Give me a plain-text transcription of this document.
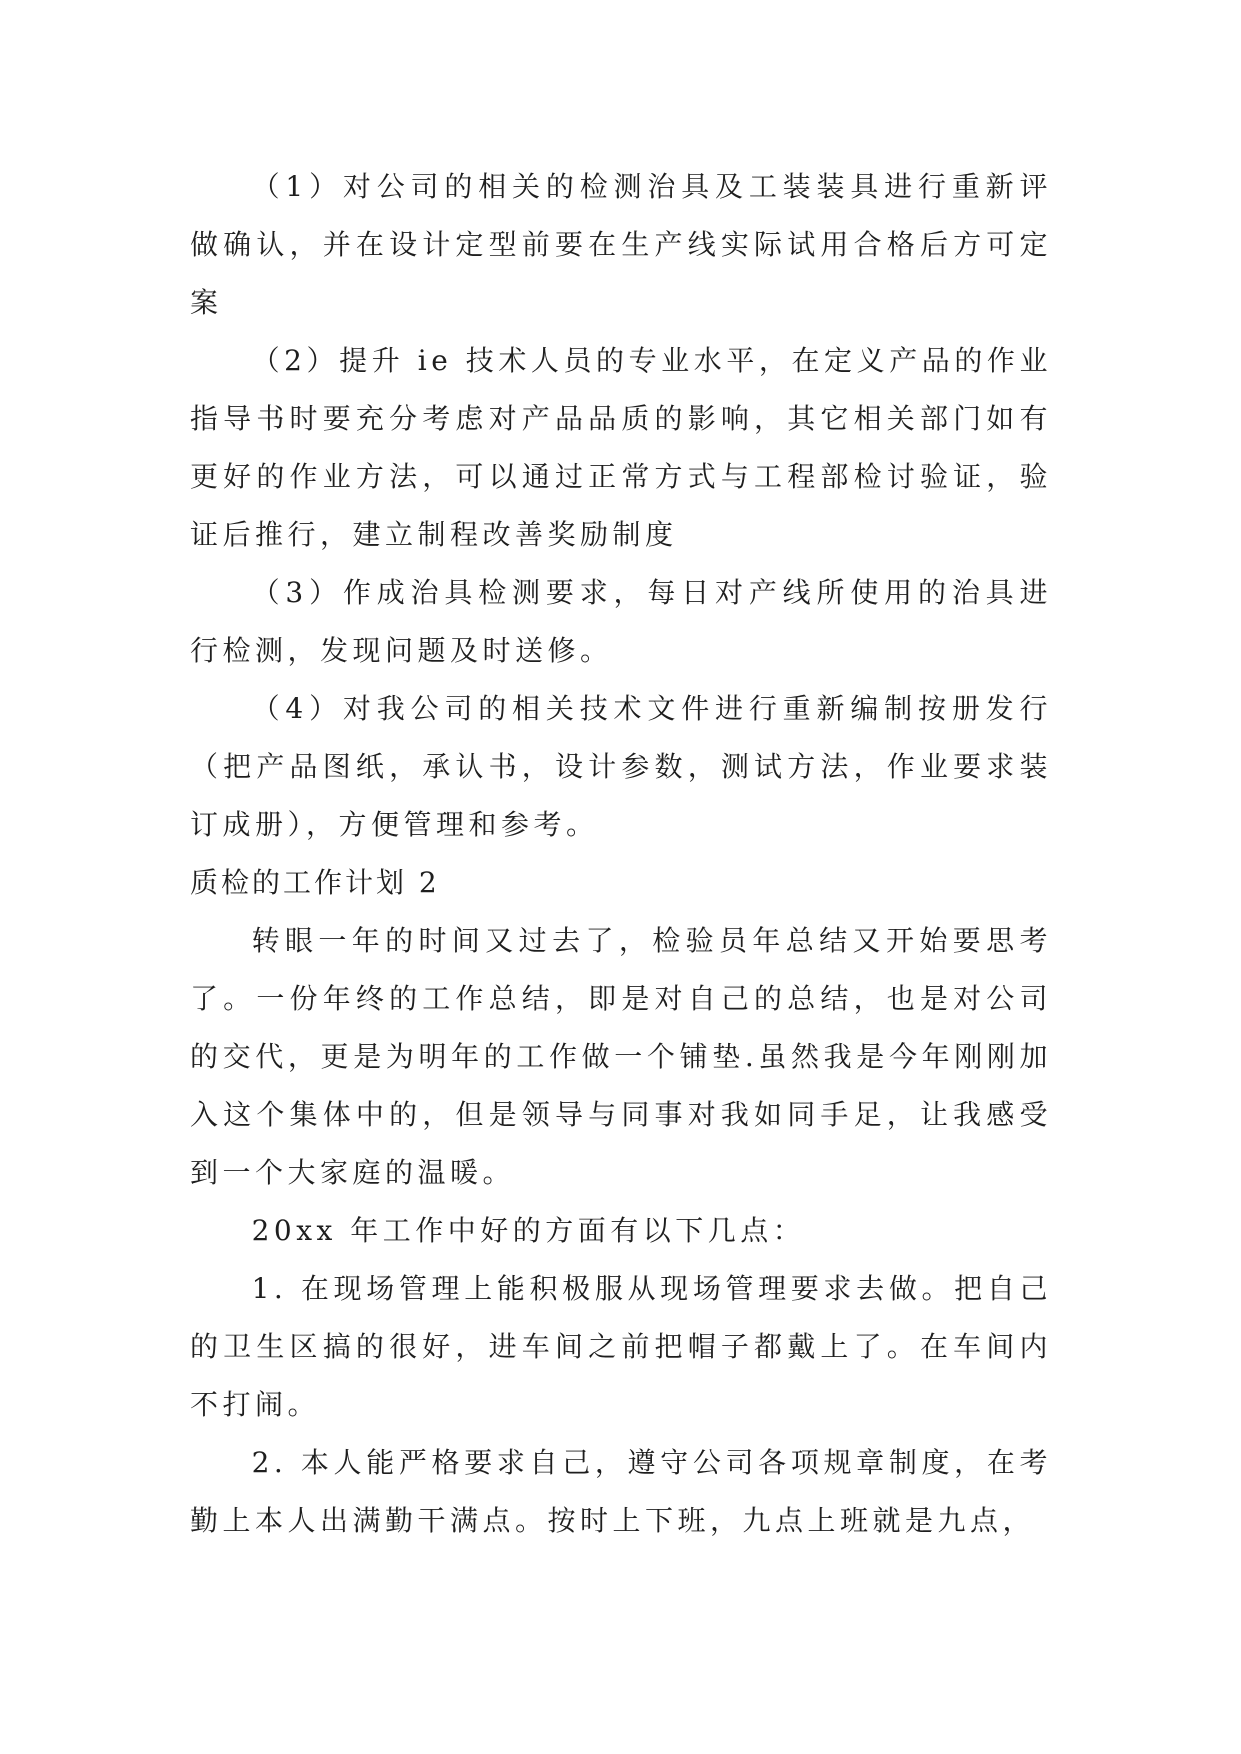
（1）对公司的相关的检测治具及工装装具进行重新评做确认，并在设计定型前要在生产线实际试用合格后方可定案

（2）提升 ie 技术人员的专业水平，在定义产品的作业指导书时要充分考虑对产品品质的影响，其它相关部门如有更好的作业方法，可以通过正常方式与工程部检讨验证，验证后推行，建立制程改善奖励制度

（3）作成治具检测要求，每日对产线所使用的治具进行检测，发现问题及时送修。

（4）对我公司的相关技术文件进行重新编制按册发行（把产品图纸，承认书，设计参数，测试方法，作业要求装订成册），方便管理和参考。

质检的工作计划 2

转眼一年的时间又过去了，检验员年总结又开始要思考了。一份年终的工作总结，即是对自己的总结，也是对公司的交代，更是为明年的工作做一个铺垫.虽然我是今年刚刚加入这个集体中的，但是领导与同事对我如同手足，让我感受到一个大家庭的温暖。

20xx 年工作中好的方面有以下几点：

1. 在现场管理上能积极服从现场管理要求去做。把自己的卫生区搞的很好，进车间之前把帽子都戴上了。在车间内不打闹。

2. 本人能严格要求自己，遵守公司各项规章制度，在考勤上本人出满勤干满点。按时上下班，九点上班就是九点，
